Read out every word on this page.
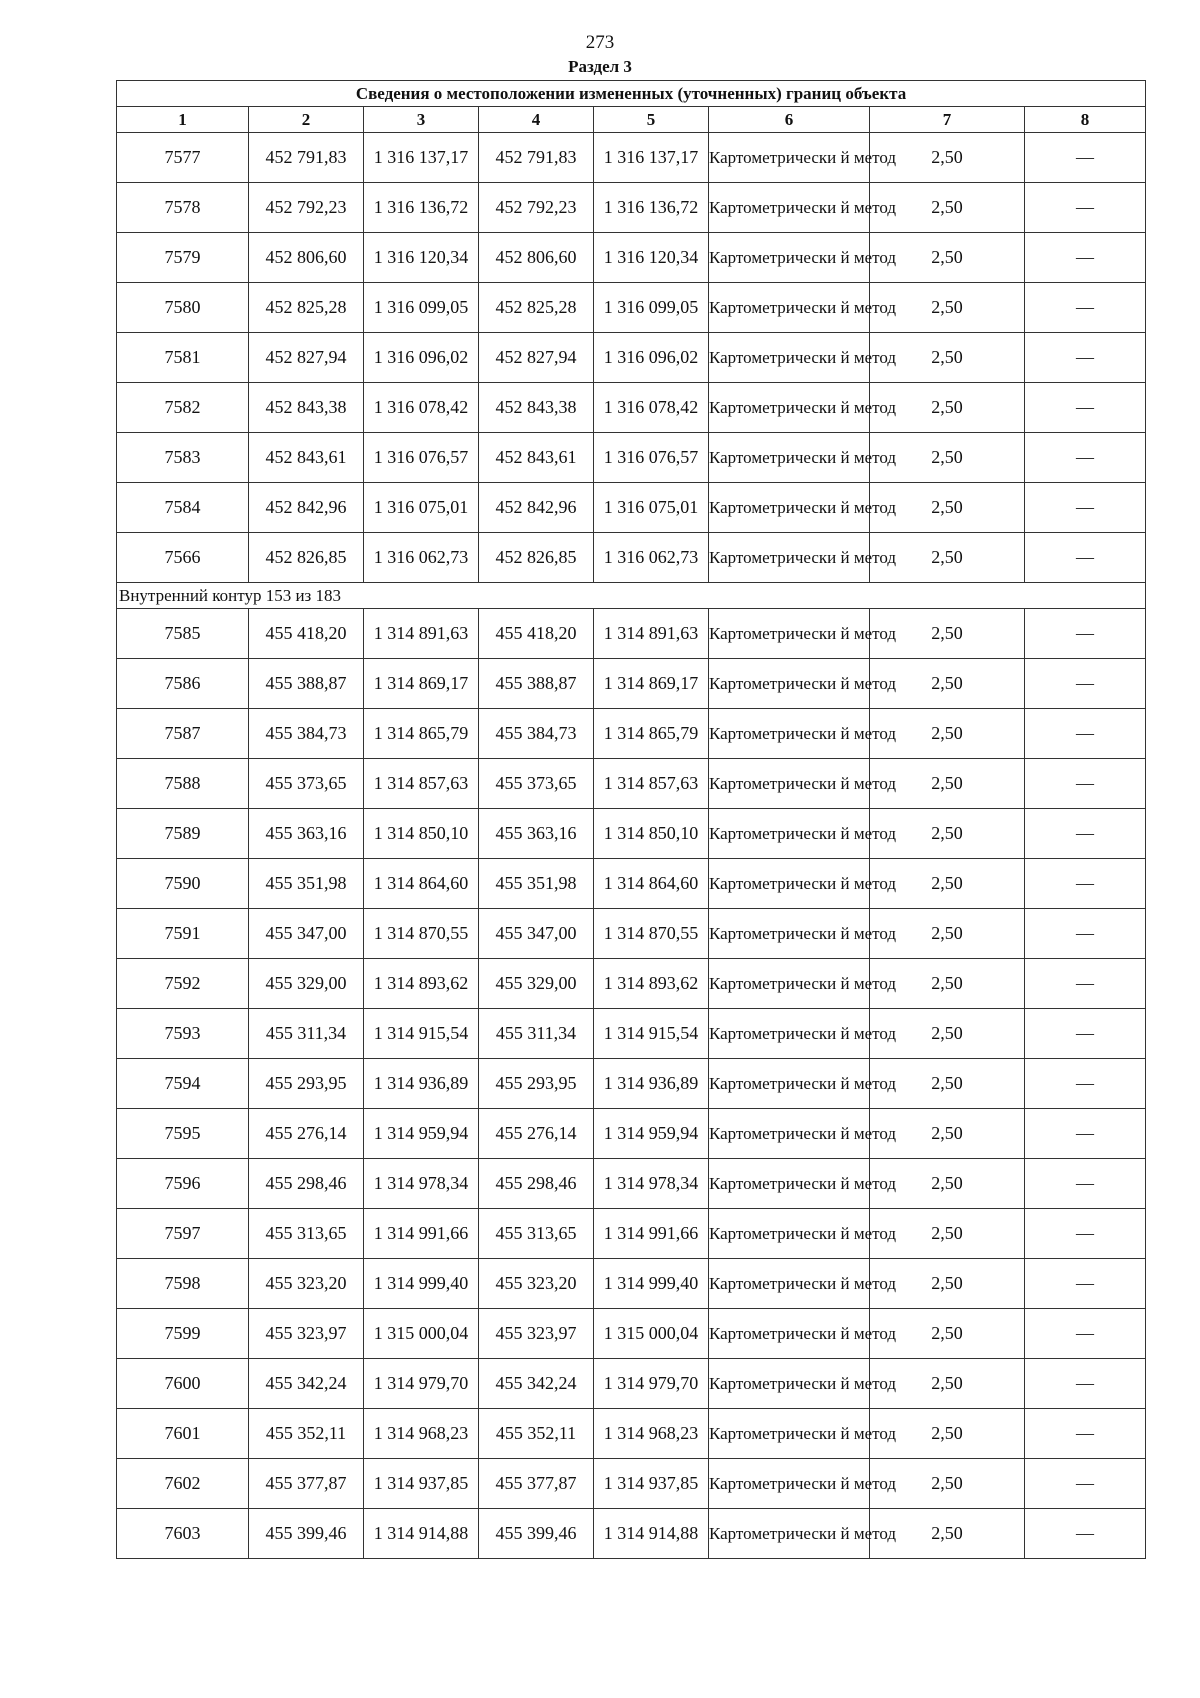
273
Раздел 3
Сведения о местоположении измененных (уточненных) границ объекта							
1	2	3	4	5	6	7	8
7577	452 791,83	1 316 137,17	452 791,83	1 316 137,17	Картометрически й метод	2,50	—
7578	452 792,23	1 316 136,72	452 792,23	1 316 136,72	Картометрически й метод	2,50	—
7579	452 806,60	1 316 120,34	452 806,60	1 316 120,34	Картометрически й метод	2,50	—
7580	452 825,28	1 316 099,05	452 825,28	1 316 099,05	Картометрически й метод	2,50	—
7581	452 827,94	1 316 096,02	452 827,94	1 316 096,02	Картометрически й метод	2,50	—
7582	452 843,38	1 316 078,42	452 843,38	1 316 078,42	Картометрически й метод	2,50	—
7583	452 843,61	1 316 076,57	452 843,61	1 316 076,57	Картометрически й метод	2,50	—
7584	452 842,96	1 316 075,01	452 842,96	1 316 075,01	Картометрически й метод	2,50	—
7566	452 826,85	1 316 062,73	452 826,85	1 316 062,73	Картометрически й метод	2,50	—
Внутренний контур 153 из 183							
7585	455 418,20	1 314 891,63	455 418,20	1 314 891,63	Картометрически й метод	2,50	—
7586	455 388,87	1 314 869,17	455 388,87	1 314 869,17	Картометрически й метод	2,50	—
7587	455 384,73	1 314 865,79	455 384,73	1 314 865,79	Картометрически й метод	2,50	—
7588	455 373,65	1 314 857,63	455 373,65	1 314 857,63	Картометрически й метод	2,50	—
7589	455 363,16	1 314 850,10	455 363,16	1 314 850,10	Картометрически й метод	2,50	—
7590	455 351,98	1 314 864,60	455 351,98	1 314 864,60	Картометрически й метод	2,50	—
7591	455 347,00	1 314 870,55	455 347,00	1 314 870,55	Картометрически й метод	2,50	—
7592	455 329,00	1 314 893,62	455 329,00	1 314 893,62	Картометрически й метод	2,50	—
7593	455 311,34	1 314 915,54	455 311,34	1 314 915,54	Картометрически й метод	2,50	—
7594	455 293,95	1 314 936,89	455 293,95	1 314 936,89	Картометрически й метод	2,50	—
7595	455 276,14	1 314 959,94	455 276,14	1 314 959,94	Картометрически й метод	2,50	—
7596	455 298,46	1 314 978,34	455 298,46	1 314 978,34	Картометрически й метод	2,50	—
7597	455 313,65	1 314 991,66	455 313,65	1 314 991,66	Картометрически й метод	2,50	—
7598	455 323,20	1 314 999,40	455 323,20	1 314 999,40	Картометрически й метод	2,50	—
7599	455 323,97	1 315 000,04	455 323,97	1 315 000,04	Картометрически й метод	2,50	—
7600	455 342,24	1 314 979,70	455 342,24	1 314 979,70	Картометрически й метод	2,50	—
7601	455 352,11	1 314 968,23	455 352,11	1 314 968,23	Картометрически й метод	2,50	—
7602	455 377,87	1 314 937,85	455 377,87	1 314 937,85	Картометрически й метод	2,50	—
7603	455 399,46	1 314 914,88	455 399,46	1 314 914,88	Картометрически й метод	2,50	—
